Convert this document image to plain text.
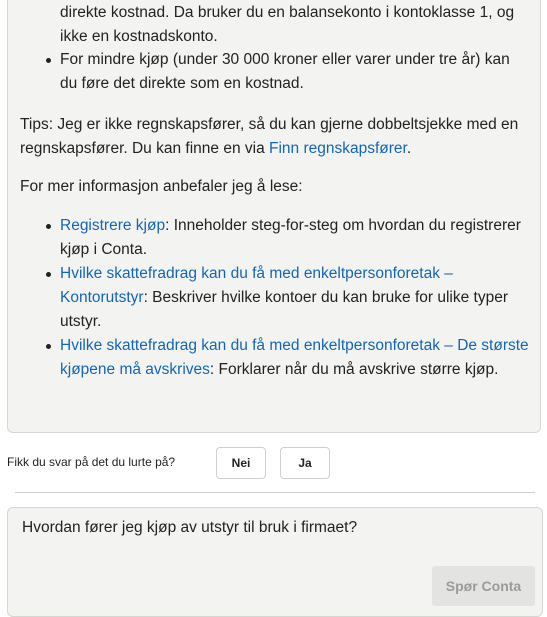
direkte kostnad. Da bruker du en balansekonto i kontoklasse 1, og ikke en kostnadskonto.
For mindre kjøp (under 30 000 kroner eller varer under tre år) kan du føre det direkte som en kostnad.
Tips: Jeg er ikke regnskapsfører, så du kan gjerne dobbeltsjekke med en regnskapsfører. Du kan finne en via Finn regnskapsfører.
For mer informasjon anbefaler jeg å lese:
Registrere kjøp: Inneholder steg-for-steg om hvordan du registrerer kjøp i Conta.
Hvilke skattefradrag kan du få med enkeltpersonforetak – Kontorutstyr: Beskriver hvilke kontoer du kan bruke for ulike typer utstyr.
Hvilke skattefradrag kan du få med enkeltpersonforetak – De største kjøpene må avskrives: Forklarer når du må avskrive større kjøp.
Fikk du svar på det du lurte på?	Nei	Ja
Hvordan fører jeg kjøp av utstyr til bruk i firmaet?
Spør Conta
